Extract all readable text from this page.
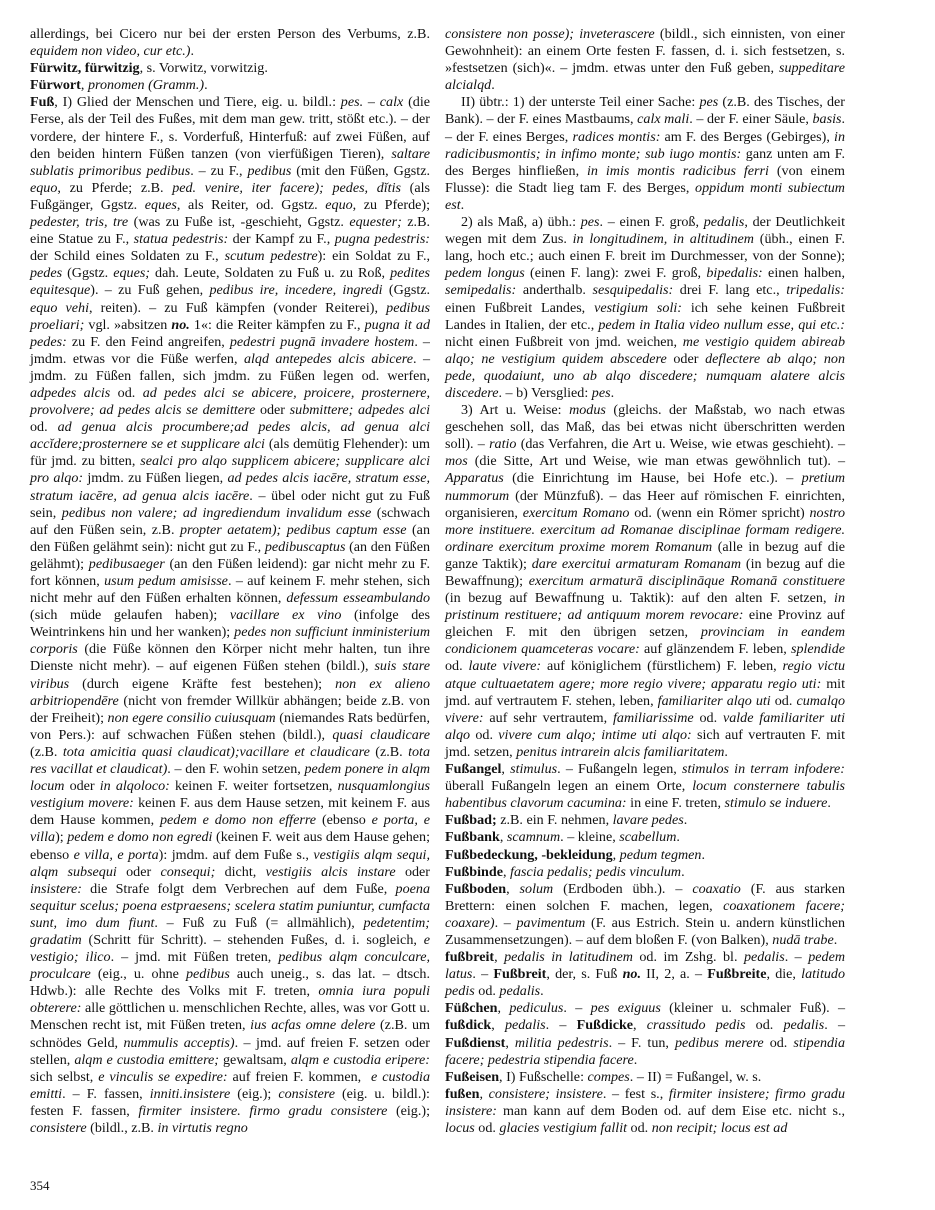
allerdings, bei Cicero nur bei der ersten Person des Verbums, z.B. equidem non video, cur etc.).

Fürwitz, fürwitzig, s. Vorwitz, vorwitzig.

Fürwort, pronomen (Gramm.).

Fuß, I) Glied der Menschen und Tiere, eig. u. bildl.: pes. – calx (die Ferse, als der Teil des Fußes, mit dem man gew. tritt, stößt etc.). – der vordere, der hintere F., s. Vorderfuß, Hinterfuß: auf zwei Füßen, auf den beiden hintern Füßen tanzen (von vierfüßigen Tieren), saltare sublatis primoribus pedibus. – zu F., pedibus (mit den Füßen, Ggstz. equo, zu Pferde; z.B. ped. venire, iter facere); pedes, dĭtis (als Fußgänger, Ggstz. eques, als Reiter, od. Ggstz. equo, zu Pferde); pedester, tris, tre (was zu Fuße ist, -geschieht, Ggstz. equester; z.B. eine Statue zu F., statua pedestris: der Kampf zu F., pugna pedestris: der Schild eines Soldaten zu F., scutum pedestre): ein Soldat zu F., pedes (Ggstz. eques; dah. Leute, Soldaten zu Fuß u. zu Roß, pedites equitesque). – zu Fuß gehen, pedibus ire, incedere, ingredi (Ggstz. equo vehi, reiten). – zu Fuß kämpfen (vonder Reiterei), pedibus proeliari; vgl. »absitzen no. 1«: die Reiter kämpfen zu F., pugna it ad pedes: zu F. den Feind angreifen, pedestri pugnā invadere hostem. – jmdm. etwas vor die Füße werfen, alqd antepedes alcis abicere. – jmdm. zu Füßen fallen, sich jmdm. zu Füßen legen od. werfen, adpedes alcis od. ad pedes alci se abicere, proicere, prosternere, provolvere; ad pedes alcis se demittere oder submittere; adpedes alci od. ad genua alcis procumbere;ad pedes alcis, ad genua alci accĭdere;prosternere se et supplicare alci (als demütig Flehender): um für jmd. zu bitten, sealci pro alqo supplicem abicere; supplicare alci pro alqo: jmdm. zu Füßen liegen, ad pedes alcis iacēre, stratum esse, stratum iacēre, ad genua alcis iacēre. – übel oder nicht gut zu Fuß sein, pedibus non valere; ad ingrediendum invalidum esse (schwach auf den Füßen sein, z.B. propter aetatem); pedibus captum esse (an den Füßen gelähmt sein): nicht gut zu F., pedibuscaptus (an den Füßen gelähmt); pedibusaeger (an den Füßen leidend): gar nicht mehr zu F. fort können, usum pedum amisisse. – auf keinem F. mehr stehen, sich nicht mehr auf den Füßen erhalten können, defessum esseambulando (sich müde gelaufen haben); vacillare ex vino (infolge des Weintrinkens hin und her wanken); pedes non sufficiunt inministerium corporis (die Füße können den Körper nicht mehr halten, tun ihre Dienste nicht mehr). – auf eigenen Füßen stehen (bildl.), suis stare viribus (durch eigene Kräfte fest bestehen); non ex alieno arbitriopendēre (nicht von fremder Willkür abhängen; beide z.B. von der Freiheit); non egere consilio cuiusquam (niemandes Rats bedürfen, von Pers.): auf schwachen Füßen stehen (bildl.), quasi claudicare (z.B. tota amicitia quasi claudicat);vacillare et claudicare (z.B. tota res vacillat et claudicat). – den F. wohin setzen, pedem ponere in alqm locum oder in alqoloco: keinen F. weiter fortsetzen, nusquamlongius vestigium movere: keinen F. aus dem Hause setzen, mit keinem F. aus dem Hause kommen, pedem e domo non efferre (ebenso e porta, e villa); pedem e domo non egredi (keinen F. weit aus dem Hause gehen; ebenso e villa, e porta): jmdm. auf dem Fuße s., vestigiis alqm sequi, alqm subsequi oder consequi; dicht, vestigiis alcis instare oder insistere: die Strafe folgt dem Verbrechen auf dem Fuße, poena sequitur scelus; poena estpraesens; scelera statim puniuntur, cumfacta sunt, imo dum fiunt. – Fuß zu Fuß (= allmählich), pedetentim; gradatim (Schritt für Schritt). – stehenden Fußes, d. i. sogleich, e vestigio; ilico. – jmd. mit Füßen treten, pedibus alqm conculcare, proculcare (eig., u. ohne pedibus auch uneig., s. das lat. – dtsch. Hdwb.): alle Rechte des Volks mit F. treten, omnia iura populi obterere: alle göttlichen u. menschlichen Rechte, alles, was vor Gott u. Menschen recht ist, mit Füßen treten, ius acfas omne delere (z.B. um schnödes Geld, nummulis acceptis). – jmd. auf freien F. setzen oder stellen, alqm e custodia emittere; gewaltsam, alqm e custodia eripere: sich selbst, e vinculis se expedire: auf freien F. kommen,  e custodia emitti. – F. fassen, inniti.insistere (eig.); consistere (eig. u. bildl.): festen F. fassen, firmiter insistere. firmo gradu consistere (eig.); consistere (bildl., z.B. in virtutis regno

consistere non posse); inveterascere (bildl., sich einnisten, von einer Gewohnheit): an einem Orte festen F. fassen, d. i. sich festsetzen, s. »festsetzen (sich)«. – jmdm. etwas unter den Fuß geben, suppeditare alcialqd.

II) übtr.: 1) der unterste Teil einer Sache: pes (z.B. des Tisches, der Bank). – der F. eines Mastbaums, calx mali. – der F. einer Säule, basis. – der F. eines Berges, radices montis: am F. des Berges (Gebirges), in radicibusmontis; in infimo monte; sub iugo montis: ganz unten am F. des Berges hinfließen, in imis montis radicibus ferri (von einem Flusse): die Stadt lieg tam F. des Berges, oppidum monti subiectum est.

2) als Maß, a) übh.: pes. – einen F. groß, pedalis, der Deutlichkeit wegen mit dem Zus. in longitudinem, in altitudinem (übh., einen F. lang, hoch etc.; auch einen F. breit im Durchmesser, von der Sonne); pedem longus (einen F. lang): zwei F. groß, bipedalis: einen halben, semipedalis: anderthalb. sesquipedalis: drei F. lang etc., tripedalis: einen Fußbreit Landes, vestigium soli: ich sehe keinen Fußbreit Landes in Italien, der etc., pedem in Italia video nullum esse, qui etc.: nicht einen Fußbreit von jmd. weichen, me vestigio quidem abireab alqo; ne vestigium quidem abscedere oder deflectere ab alqo; non pede, quodaiunt, uno ab alqo discedere; numquam alatere alcis discedere. – b) Versglied: pes.

3) Art u. Weise: modus (gleichs. der Maßstab, wo nach etwas geschehen soll, das Maß, das bei etwas nicht überschritten werden soll). – ratio (das Verfahren, die Art u. Weise, wie etwas geschieht). – mos (die Sitte, Art und Weise, wie man etwas gewöhnlich tut). – Apparatus (die Einrichtung im Hause, bei Hofe etc.). – pretium nummorum (der Münzfuß). – das Heer auf römischen F. einrichten, organisieren, exercitum Romano od. (wenn ein Römer spricht) nostro more instituere. exercitum ad Romanae disciplinae formam redigere. ordinare exercitum proxime morem Romanum (alle in bezug auf die ganze Taktik); dare exercitui armaturam Romanam (in bezug auf die Bewaffnung); exercitum armaturā disciplināque Romanā constituere (in bezug auf Bewaffnung u. Taktik): auf den alten F. setzen, in pristinum restituere; ad antiquum morem revocare: eine Provinz auf gleichen F. mit den übrigen setzen, provinciam in eandem condicionem quamceteras vocare: auf glänzendem F. leben, splendide od. laute vivere: auf königlichem (fürstlichem) F. leben, regio victu atque cultuaetatem agere; more regio vivere; apparatu regio uti: mit jmd. auf vertrautem F. stehen, leben, familiariter alqo uti od. cumalqo vivere: auf sehr vertrautem, familiarissime od. valde familiariter uti alqo od. vivere cum alqo; intime uti alqo: sich auf vertrauten F. mit jmd. setzen, penitus intrarein alcis familiaritatem.

Fußangel, stimulus. – Fußangeln legen, stimulos in terram infodere: überall Fußangeln legen an einem Orte, locum consternere tabulis habentibus clavorum cacumina: in eine F. treten, stimulo se induere.

Fußbad; z.B. ein F. nehmen, lavare pedes.

Fußbank, scamnum. – kleine, scabellum.

Fußbedeckung, -bekleidung, pedum tegmen.

Fußbinde, fascia pedalis; pedis vinculum.

Fußboden, solum (Erdboden übh.). – coaxatio (F. aus starken Brettern: einen solchen F. machen, legen, coaxationem facere; coaxare). – pavimentum (F. aus Estrich. Stein u. andern künstlichen Zusammensetzungen). – auf dem bloßen F. (von Balken), nudā trabe.

fußbreit, pedalis in latitudinem od. im Zshg. bl. pedalis. – pedem latus. – Fußbreit, der, s. Fuß no. II, 2, a. – Fußbreite, die, latitudo pedis od. pedalis.

Füßchen, pediculus. – pes exiguus (kleiner u. schmaler Fuß). – fußdick, pedalis. – Fußdicke, crassitudo pedis od. pedalis. – Fußdienst, militia pedestris. – F. tun, pedibus merere od. stipendia facere; pedestria stipendia facere.

Fußeisen, I) Fußschelle: compes. – II) = Fußangel, w. s.

fußen, consistere; insistere. – fest s., firmiter insistere; firmo gradu insistere: man kann auf dem Boden od. auf dem Eise etc. nicht s., locus od. glacies vestigium fallit od. non recipit; locus est ad

354
